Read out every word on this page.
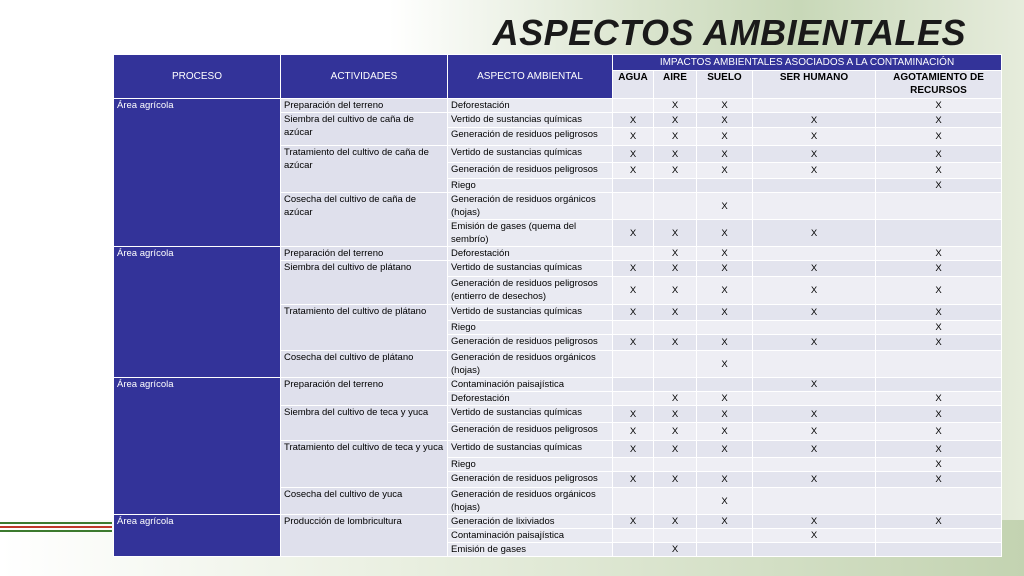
ASPECTOS AMBIENTALES
PROCESO	ACTIVIDADES	ASPECTO AMBIENTAL	IMPACTOS AMBIENTALES ASOCIADOS A LA CONTAMINACIÓN				
			AGUA	AIRE	SUELO	SER HUMANO	AGOTAMIENTO DE RECURSOS
Área agrícola	Preparación del terreno	Deforestación		X	X		X
	Siembra del cultivo de caña de azúcar	Vertido de sustancias químicas	X	X	X	X	X
		Generación de residuos peligrosos	X	X	X	X	X
	Tratamiento del cultivo de caña de azúcar	Vertido de sustancias químicas	X	X	X	X	X
		Generación de residuos peligrosos	X	X	X	X	X
		Riego					X
	Cosecha del cultivo de caña de azúcar	Generación de residuos orgánicos (hojas)			X		
		Emisión de gases (quema del sembrío)	X	X	X	X	
Área agrícola	Preparación del terreno	Deforestación		X	X		X
	Siembra del cultivo de plátano	Vertido de sustancias químicas	X	X	X	X	X
		Generación de residuos peligrosos (entierro de desechos)	X	X	X	X	X
	Tratamiento del cultivo de plátano	Vertido de sustancias químicas	X	X	X	X	X
		Riego					X
		Generación de residuos peligrosos	X	X	X	X	X
	Cosecha del cultivo de plátano	Generación de residuos orgánicos (hojas)			X		
Área agrícola	Preparación del terreno	Contaminación paisajística				X	
		Deforestación		X	X		X
	Siembra del cultivo de teca y yuca	Vertido de sustancias químicas	X	X	X	X	X
		Generación de residuos peligrosos	X	X	X	X	X
	Tratamiento del cultivo de teca y yuca	Vertido de sustancias químicas	X	X	X	X	X
		Riego					X
		Generación de residuos peligrosos	X	X	X	X	X
	Cosecha del cultivo de yuca	Generación de residuos orgánicos (hojas)			X		
Área agrícola	Producción de lombricultura	Generación de lixiviados	X	X	X	X	X
		Contaminación paisajística				X	
		Emisión de gases		X			
